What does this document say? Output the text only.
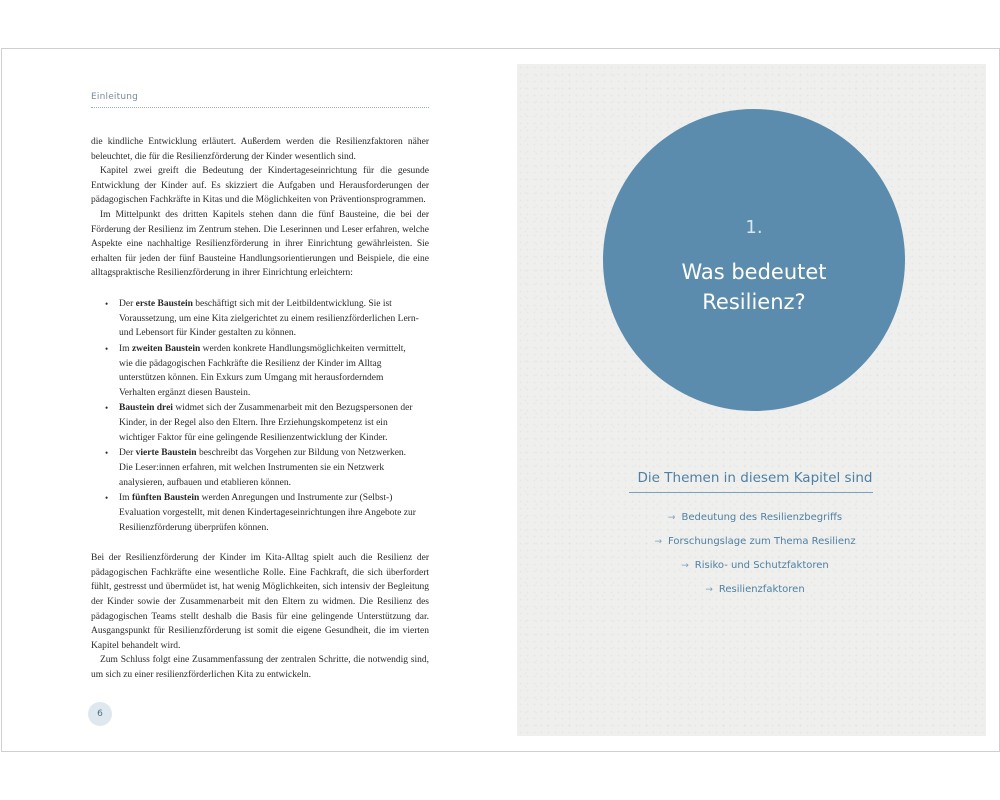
Einleitung

die kindliche Entwicklung erläutert. Außerdem werden die Resilienzfaktoren näher beleuchtet, die für die Resilienzförderung der Kinder wesentlich sind.

Kapitel zwei greift die Bedeutung der Kindertageseinrichtung für die gesunde Entwicklung der Kinder auf. Es skizziert die Aufgaben und Herausforderungen der pädagogischen Fachkräfte in Kitas und die Möglichkeiten von Präventionsprogrammen.

Im Mittelpunkt des dritten Kapitels stehen dann die fünf Bausteine, die bei der Förderung der Resilienz im Zentrum stehen. Die Leserinnen und Leser erfahren, welche Aspekte eine nachhaltige Resilienzförderung in ihrer Einrichtung gewährleisten. Sie erhalten für jeden der fünf Bausteine Handlungsorientierungen und Beispiele, die eine alltagspraktische Resilienzförderung in ihrer Einrichtung erleichtern:

• Der erste Baustein beschäftigt sich mit der Leitbildentwicklung. Sie ist Voraussetzung, um eine Kita zielgerichtet zu einem resilienzförderlichen Lern- und Lebensort für Kinder gestalten zu können.
• Im zweiten Baustein werden konkrete Handlungsmöglichkeiten vermittelt, wie die pädagogischen Fachkräfte die Resilienz der Kinder im Alltag unterstützen können. Ein Exkurs zum Umgang mit herausforderndem Verhalten ergänzt diesen Baustein.
• Baustein drei widmet sich der Zusammenarbeit mit den Bezugspersonen der Kinder, in der Regel also den Eltern. Ihre Erziehungskompetenz ist ein wichtiger Faktor für eine gelingende Resilienzentwicklung der Kinder.
• Der vierte Baustein beschreibt das Vorgehen zur Bildung von Netzwerken. Die Leser:innen erfahren, mit welchen Instrumenten sie ein Netzwerk analysieren, aufbauen und etablieren können.
• Im fünften Baustein werden Anregungen und Instrumente zur (Selbst-) Evaluation vorgestellt, mit denen Kindertageseinrichtungen ihre Angebote zur Resilienzförderung überprüfen können.

Bei der Resilienzförderung der Kinder im Kita-Alltag spielt auch die Resilienz der pädagogischen Fachkräfte eine wesentliche Rolle. Eine Fachkraft, die sich überfordert fühlt, gestresst und übermüdet ist, hat wenig Möglichkeiten, sich intensiv der Begleitung der Kinder sowie der Zusammenarbeit mit den Eltern zu widmen. Die Resilienz des pädagogischen Teams stellt deshalb die Basis für eine gelingende Unterstützung dar. Ausgangspunkt für Resilienzförderung ist somit die eigene Gesundheit, die im vierten Kapitel behandelt wird.

Zum Schluss folgt eine Zusammenfassung der zentralen Schritte, die notwendig sind, um sich zu einer resilienzförderlichen Kita zu entwickeln.

6
1.
Was bedeutet
Resilienz?
Die Themen in diesem Kapitel sind
→ Bedeutung des Resilienzbegriffs
→ Forschungslage zum Thema Resilienz
→ Risiko- und Schutzfaktoren
→ Resilienzfaktoren
